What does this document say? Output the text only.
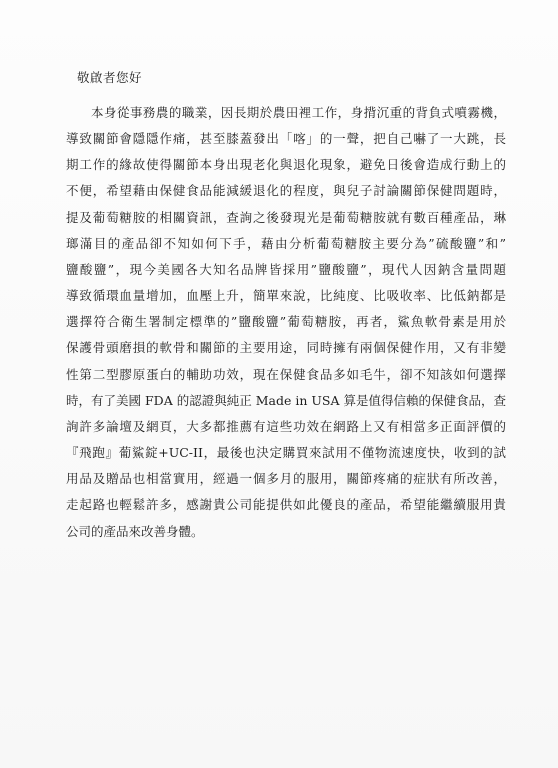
敬啟者您好
本身從事務農的職業，因長期於農田裡工作，身揹沉重的背負式噴霧機，
導致關節會隱隱作痛，甚至膝蓋發出「喀」的一聲，把自己嚇了一大跳，長
期工作的緣故使得關節本身出現老化與退化現象，避免日後會造成行動上的
不便，希望藉由保健食品能減緩退化的程度，與兒子討論關節保健問題時，
提及葡萄糖胺的相關資訊，查詢之後發現光是葡萄糖胺就有數百種產品，琳
瑯滿目的產品卻不知如何下手，藉由分析葡萄糖胺主要分為”硫酸鹽”和”
鹽酸鹽”，現今美國各大知名品牌皆採用”鹽酸鹽”，現代人因鈉含量問題
導致循環血量增加，血壓上升，簡單來說，比純度、比吸收率、比低鈉都是
選擇符合衛生署制定標準的”鹽酸鹽”葡萄糖胺，再者，鯊魚軟骨素是用於
保護骨頭磨損的軟骨和關節的主要用途，同時擁有兩個保健作用，又有非變
性第二型膠原蛋白的輔助功效，現在保健食品多如毛牛，卻不知該如何選擇
時，有了美國 FDA 的認證與純正 Made in USA 算是值得信賴的保健食品，查
詢許多論壇及網頁，大多都推薦有這些功效在網路上又有相當多正面評價的
『飛跑』葡鯊錠+UC-II，最後也決定購買來試用不僅物流速度快，收到的試
用品及贈品也相當實用，經過一個多月的服用，關節疼痛的症狀有所改善，
走起路也輕鬆許多，感謝貴公司能提供如此優良的產品，希望能繼續服用貴
公司的產品來改善身體。
